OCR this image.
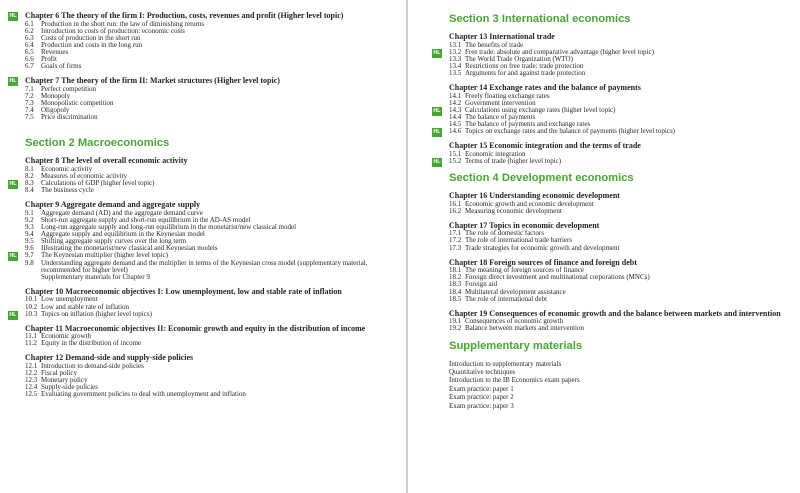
Chapter 6 The theory of the firm I: Production, costs, revenues and profit (Higher level topic)
HL
6.1	Production in the short run: the law of diminishing returns
6.2	Introduction to costs of production: economic costs
6.3	Costs of production in the short run
6.4	Production and costs in the long run
6.5	Revenues
6.6	Profit
6.7	Goals of firms
Chapter 7 The theory of the firm II: Market structures (Higher level topic)
HL
7.1	Perfect competition
7.2	Monopoly
7.3	Monopolistic competition
7.4	Oligopoly
7.5	Price discrimination
Section 2 Macroeconomics
Chapter 8 The level of overall economic activity
8.1	Economic activity
8.2	Measures of economic activity
8.3	Calculations of GDP (higher level topic)
HL
8.4	The business cycle
Chapter 9 Aggregate demand and aggregate supply
9.1	Aggregate demand (AD) and the aggregate demand curve
9.2	Short-run aggregate supply and short-run equilibrium in the AD-AS model
9.3	Long-run aggregate supply and long-run equilibrium in the monetarist/new classical model
9.4	Aggregate supply and equilibrium in the Keynesian model
9.5	Shifting aggregate supply curves over the long term
9.6	Illustrating the monetarist/new classical and Keynesian models
9.7	The Keynesian multiplier (higher level topic)
HL
9.8	Understanding aggregate demand and the multiplier in terms of the Keynesian cross model (supplementary material, recommended for higher level)
Supplementary materials for Chapter 9
Chapter 10 Macroeconomic objectives I: Low unemployment, low and stable rate of inflation
10.1 Low unemployment
10.2 Low and stable rate of inflation
10.3 Topics on inflation (higher level topics)
HL
Chapter 11 Macroeconomic objectives II: Economic growth and equity in the distribution of income
11.1 Economic growth
11.2 Equity in the distribution of income
Chapter 12 Demand-side and supply-side policies
12.1 Introduction to demand-side policies
12.2 Fiscal policy
12.3 Monetary policy
12.4 Supply-side policies
12.5 Evaluating government policies to deal with unemployment and inflation
Section 3 International economics
Chapter 13 International trade
13.1 The benefits of trade
13.2 Free trade: absolute and comparative advantage (higher level topic)
HL
13.3 The World Trade Organization (WTO)
13.4 Restrictions on free trade: trade protection
13.5 Arguments for and against trade protection
Chapter 14 Exchange rates and the balance of payments
14.1 Freely floating exchange rates
14.2 Government intervention
14.3 Calculations using exchange rates (higher level topic)
HL
14.4 The balance of payments
14.5 The balance of payments and exchange rates
14.6 Topics on exchange rates and the balance of payments (higher level topics)
HL
Chapter 15 Economic integration and the terms of trade
15.1 Economic integration
15.2 Terms of trade (higher level topic)
HL
Section 4 Development economics
Chapter 16 Understanding economic development
16.1 Economic growth and economic development
16.2 Measuring economic development
Chapter 17 Topics in economic development
17.1 The role of domestic factors
17.2 The role of international trade barriers
17.3 Trade strategies for economic growth and development
Chapter 18 Foreign sources of finance and foreign debt
18.1 The meaning of foreign sources of finance
18.2 Foreign direct investment and multinational corporations (MNCs)
18.3 Foreign aid
18.4 Multilateral development assistance
18.5 The role of international debt
Chapter 19 Consequences of economic growth and the balance between markets and intervention
19.1 Consequences of economic growth
19.2 Balance between markets and intervention
Supplementary materials
Introduction to supplementary materials
Quantitative techniques
Introduction to the IB Economics exam papers
Exam practice: paper 1
Exam practice: paper 2
Exam practice: paper 3
